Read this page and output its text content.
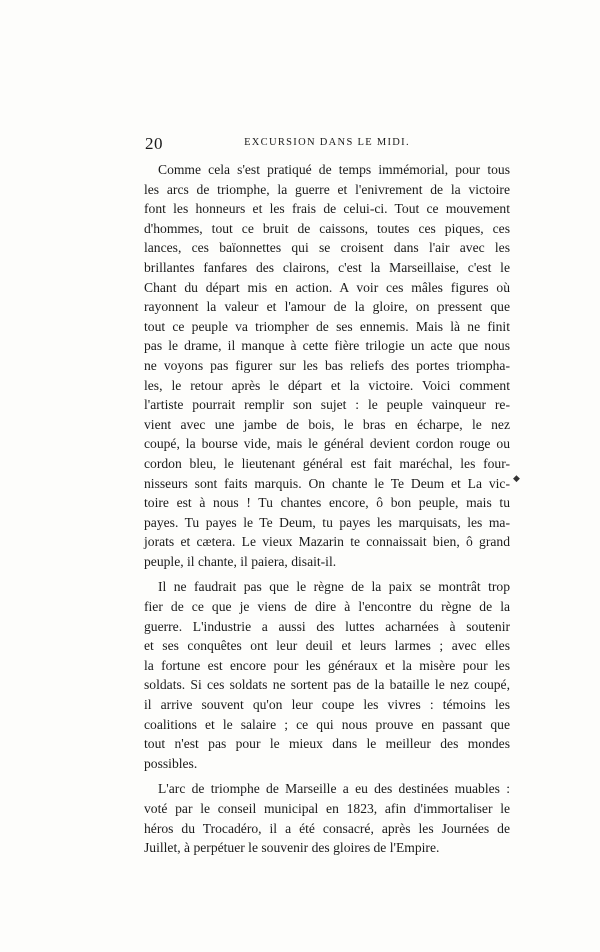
20	EXCURSION DANS LE MIDI.
Comme cela s'est pratiqué de temps immémorial, pour tous
les arcs de triomphe, la guerre et l'enivrement de la victoire
font les honneurs et les frais de celui-ci. Tout ce mouvement
d'hommes, tout ce bruit de caissons, toutes ces piques, ces
lances, ces baïonnettes qui se croisent dans l'air avec les
brillantes fanfares des clairons, c'est la Marseillaise, c'est le
Chant du départ mis en action. A voir ces mâles figures où
rayonnent la valeur et l'amour de la gloire, on pressent que
tout ce peuple va triompher de ses ennemis. Mais là ne finit
pas le drame, il manque à cette fière trilogie un acte que nous
ne voyons pas figurer sur les bas reliefs des portes triompha-
les, le retour après le départ et la victoire. Voici comment
l'artiste pourrait remplir son sujet : le peuple vainqueur re-
vient avec une jambe de bois, le bras en écharpe, le nez
coupé, la bourse vide, mais le général devient cordon rouge ou
cordon bleu, le lieutenant général est fait maréchal, les four-
nisseurs sont faits marquis. On chante le Te Deum et La vic-
toire est à nous ! Tu chantes encore, ô bon peuple, mais tu
payes. Tu payes le Te Deum, tu payes les marquisats, les ma-
jorats et cætera. Le vieux Mazarin te connaissait bien, ô grand
peuple, il chante, il paiera, disait-il.
Il ne faudrait pas que le règne de la paix se montrât trop
fier de ce que je viens de dire à l'encontre du règne de la
guerre. L'industrie a aussi des luttes acharnées à soutenir
et ses conquêtes ont leur deuil et leurs larmes ; avec elles
la fortune est encore pour les généraux et la misère pour les
soldats. Si ces soldats ne sortent pas de la bataille le nez coupé,
il arrive souvent qu'on leur coupe les vivres : témoins les
coalitions et le salaire ; ce qui nous prouve en passant que
tout n'est pas pour le mieux dans le meilleur des mondes
possibles.
L'arc de triomphe de Marseille a eu des destinées muables :
voté par le conseil municipal en 1823, afin d'immortaliser le
héros du Trocadéro, il a été consacré, après les Journées de
Juillet, à perpétuer le souvenir des gloires de l'Empire.
◆
